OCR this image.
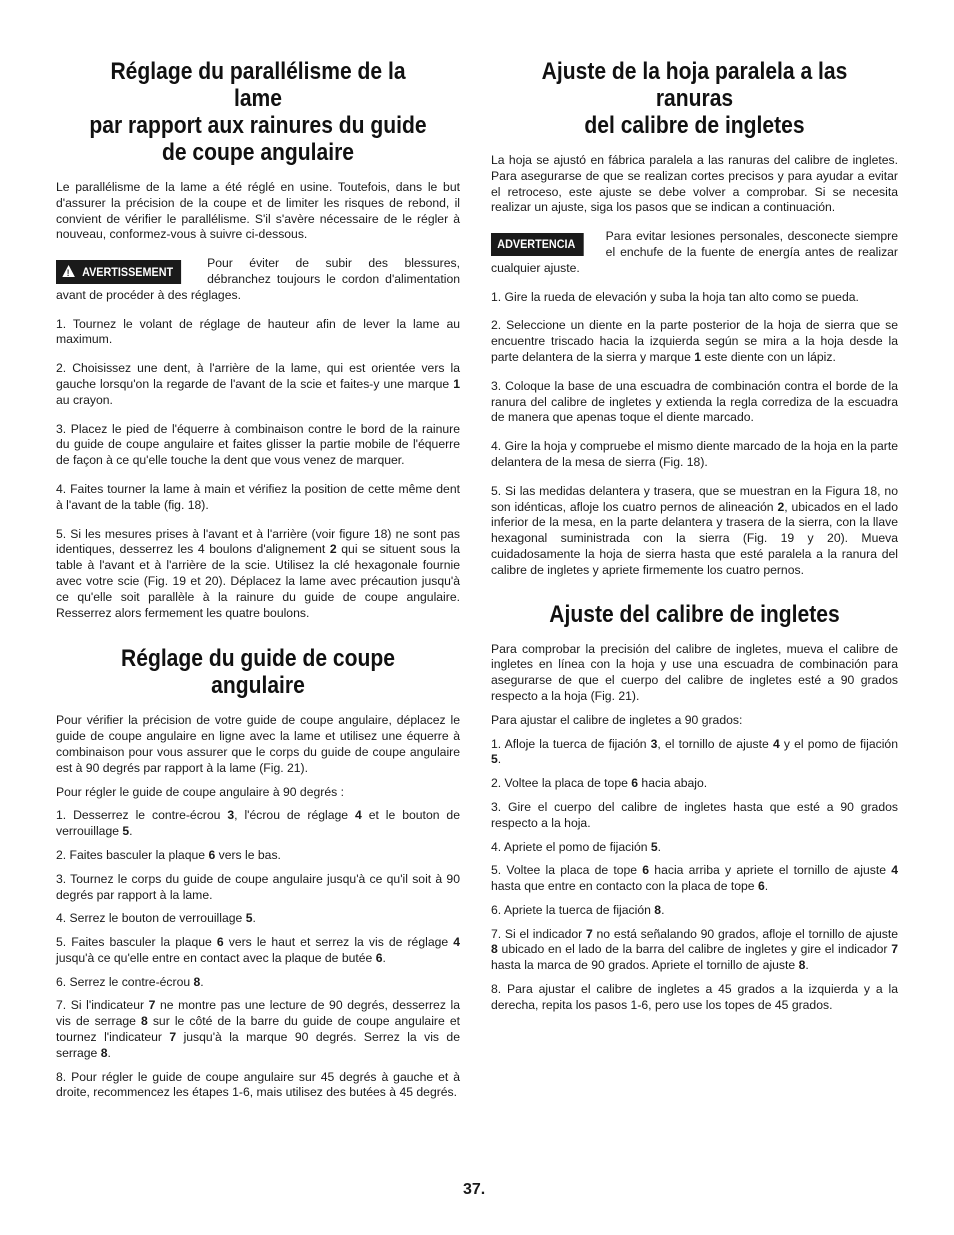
Réglage du parallélisme de la lame
par rapport aux rainures du guide
de coupe angulaire

Le parallélisme de la lame a été réglé en usine. Toutefois, dans le but d'assurer la précision de la coupe et de limiter les risques de rebond, il convient de vérifier le parallélisme. S'il s'avère nécessaire de le régler à nouveau, conformez-vous à suivre ci-dessous.

!AVERTISSEMENT
Pour éviter de subir des blessures, débranchez toujours le cordon d'alimentation avant de procéder à des réglages.

1. Tournez le volant de réglage de hauteur afin de lever la lame au maximum.

2. Choisissez une dent, à l'arrière de la lame, qui est orientée vers la gauche lorsqu'on la regarde de l'avant de la scie et faites-y une marque 1 au crayon.

3. Placez le pied de l'équerre à combinaison contre le bord de la rainure du guide de coupe angulaire et faites glisser la partie mobile de l'équerre de façon à ce qu'elle touche la dent que vous venez de marquer.

4. Faites tourner la lame à main et vérifiez la position de cette même dent à l'avant de la table (fig. 18).

5. Si les mesures prises à l'avant et à l'arrière (voir figure 18) ne sont pas identiques, desserrez les 4 boulons d'alignement 2 qui se situent sous la table à l'avant et à l'arrière de la scie. Utilisez la clé hexagonale fournie avec votre scie (Fig. 19 et 20). Déplacez la lame avec précaution jusqu'à ce qu'elle soit parallèle à la rainure du guide de coupe angulaire. Resserrez alors fermement les quatre boulons.

Réglage du guide de coupe angulaire

Pour vérifier la précision de votre guide de coupe angulaire, déplacez le guide de coupe angulaire en ligne avec la lame et utilisez une équerre à combinaison pour vous assurer que le corps du guide de coupe angulaire est à 90 degrés par rapport à la lame (Fig. 21).

Pour régler le guide de coupe angulaire à 90 degrés :

1. Desserrez le contre-écrou 3, l'écrou de réglage 4 et le bouton de verrouillage 5.

2. Faites basculer la plaque 6 vers le bas.

3. Tournez le corps du guide de coupe angulaire jusqu'à ce qu'il soit à 90 degrés par rapport à la lame.

4. Serrez le bouton de verrouillage 5.

5. Faites basculer la plaque 6 vers le haut et serrez la vis de réglage 4 jusqu'à ce qu'elle entre en contact avec la plaque de butée 6.

6. Serrez le contre-écrou 8.

7. Si l'indicateur 7 ne montre pas une lecture de 90 degrés, desserrez la vis de serrage 8 sur le côté de la barre du guide de coupe angulaire et tournez l'indicateur 7 jusqu'à la marque 90 degrés. Serrez la vis de serrage 8.

8. Pour régler le guide de coupe angulaire sur 45 degrés à gauche et à droite, recommencez les étapes 1-6, mais utilisez des butées à 45 degrés.

Ajuste de la hoja paralela a las ranuras
del calibre de ingletes

La hoja se ajustó en fábrica paralela a las ranuras del calibre de ingletes. Para asegurarse de que se realizan cortes precisos y para ayudar a evitar el retroceso, este ajuste se debe volver a comprobar. Si se necesita realizar un ajuste, siga los pasos que se indican a continuación.

ADVERTENCIA
Para evitar lesiones personales, desconecte siempre el enchufe de la fuente de energía antes de realizar cualquier ajuste.

1. Gire la rueda de elevación y suba la hoja tan alto como se pueda.

2. Seleccione un diente en la parte posterior de la hoja de sierra que se encuentre triscado hacia la izquierda según se mira a la hoja desde la parte delantera de la sierra y marque 1 este diente con un lápiz.

3. Coloque la base de una escuadra de combinación contra el borde de la ranura del calibre de ingletes y extienda la regla corrediza de la escuadra de manera que apenas toque el diente marcado.

4. Gire la hoja y compruebe el mismo diente marcado de la hoja en la parte delantera de la mesa de sierra (Fig. 18).

5. Si las medidas delantera y trasera, que se muestran en la Figura 18, no son idénticas, afloje los cuatro pernos de alineación 2, ubicados en el lado inferior de la mesa, en la parte delantera y trasera de la sierra, con la llave hexagonal suministrada con la sierra (Fig. 19 y 20). Mueva cuidadosamente la hoja de sierra hasta que esté paralela a la ranura del calibre de ingletes y apriete firmemente los cuatro pernos.

Ajuste del calibre de ingletes

Para comprobar la precisión del calibre de ingletes, mueva el calibre de ingletes en línea con la hoja y use una escuadra de combinación para asegurarse de que el cuerpo del calibre de ingletes esté a 90 grados respecto a la hoja (Fig. 21).

Para ajustar el calibre de ingletes a 90 grados:

1. Afloje la tuerca de fijación 3, el tornillo de ajuste 4 y el pomo de fijación 5.

2. Voltee la placa de tope 6 hacia abajo.

3. Gire el cuerpo del calibre de ingletes hasta que esté a 90 grados respecto a la hoja.

4. Apriete el pomo de fijación 5.

5. Voltee la placa de tope 6 hacia arriba y apriete el tornillo de ajuste 4 hasta que entre en contacto con la placa de tope 6.

6. Apriete la tuerca de fijación 8.

7. Si el indicador 7 no está señalando 90 grados, afloje el tornillo de ajuste 8 ubicado en el lado de la barra del calibre de ingletes y gire el indicador 7 hasta la marca de 90 grados. Apriete el tornillo de ajuste 8.

8. Para ajustar el calibre de ingletes a 45 grados a la izquierda y a la derecha, repita los pasos 1-6, pero use los topes de 45 grados.

37.
